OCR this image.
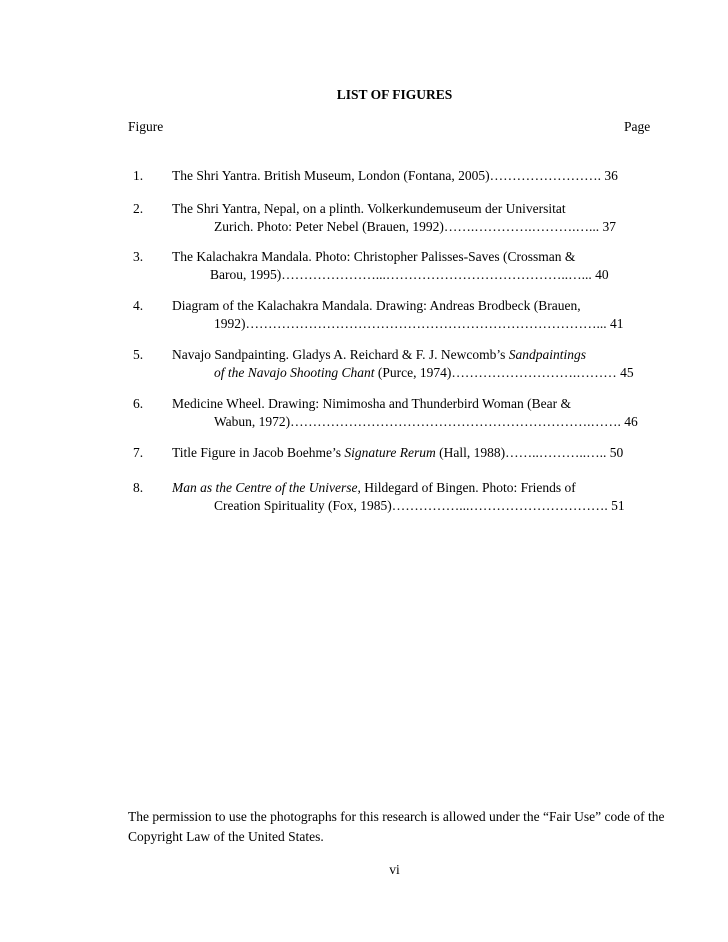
LIST OF FIGURES
Figure	Page
1. The Shri Yantra. British Museum, London (Fontana, 2005)……………………. 36
2. The Shri Yantra, Nepal, on a plinth. Volkerkundemuseum der Universitat
Zurich. Photo: Peter Nebel (Brauen, 1992)…….………….……….…... 37
3. The Kalachakra Mandala. Photo: Christopher Palisses-Saves (Crossman &
Barou, 1995)…………………...…………………………………..…... 40
4. Diagram of the Kalachakra Mandala. Drawing: Andreas Brodbeck (Brauen,
1992)……………………………………………………………………... 41
5. Navajo Sandpainting. Gladys A. Reichard & F. J. Newcomb’s Sandpaintings
of the Navajo Shooting Chant (Purce, 1974)……………………….……… 45
6. Medicine Wheel. Drawing: Nimimosha and Thunderbird Woman (Bear &
Wabun, 1972)………………………………………………………….……. 46
7. Title Figure in Jacob Boehme’s Signature Rerum (Hall, 1988)……..………..….. 50
8. Man as the Centre of the Universe, Hildegard of Bingen. Photo: Friends of
Creation Spirituality (Fox, 1985)……………...…………………………. 51
The permission to use the photographs for this research is allowed under the “Fair Use” code of the Copyright Law of the United States.
vi
